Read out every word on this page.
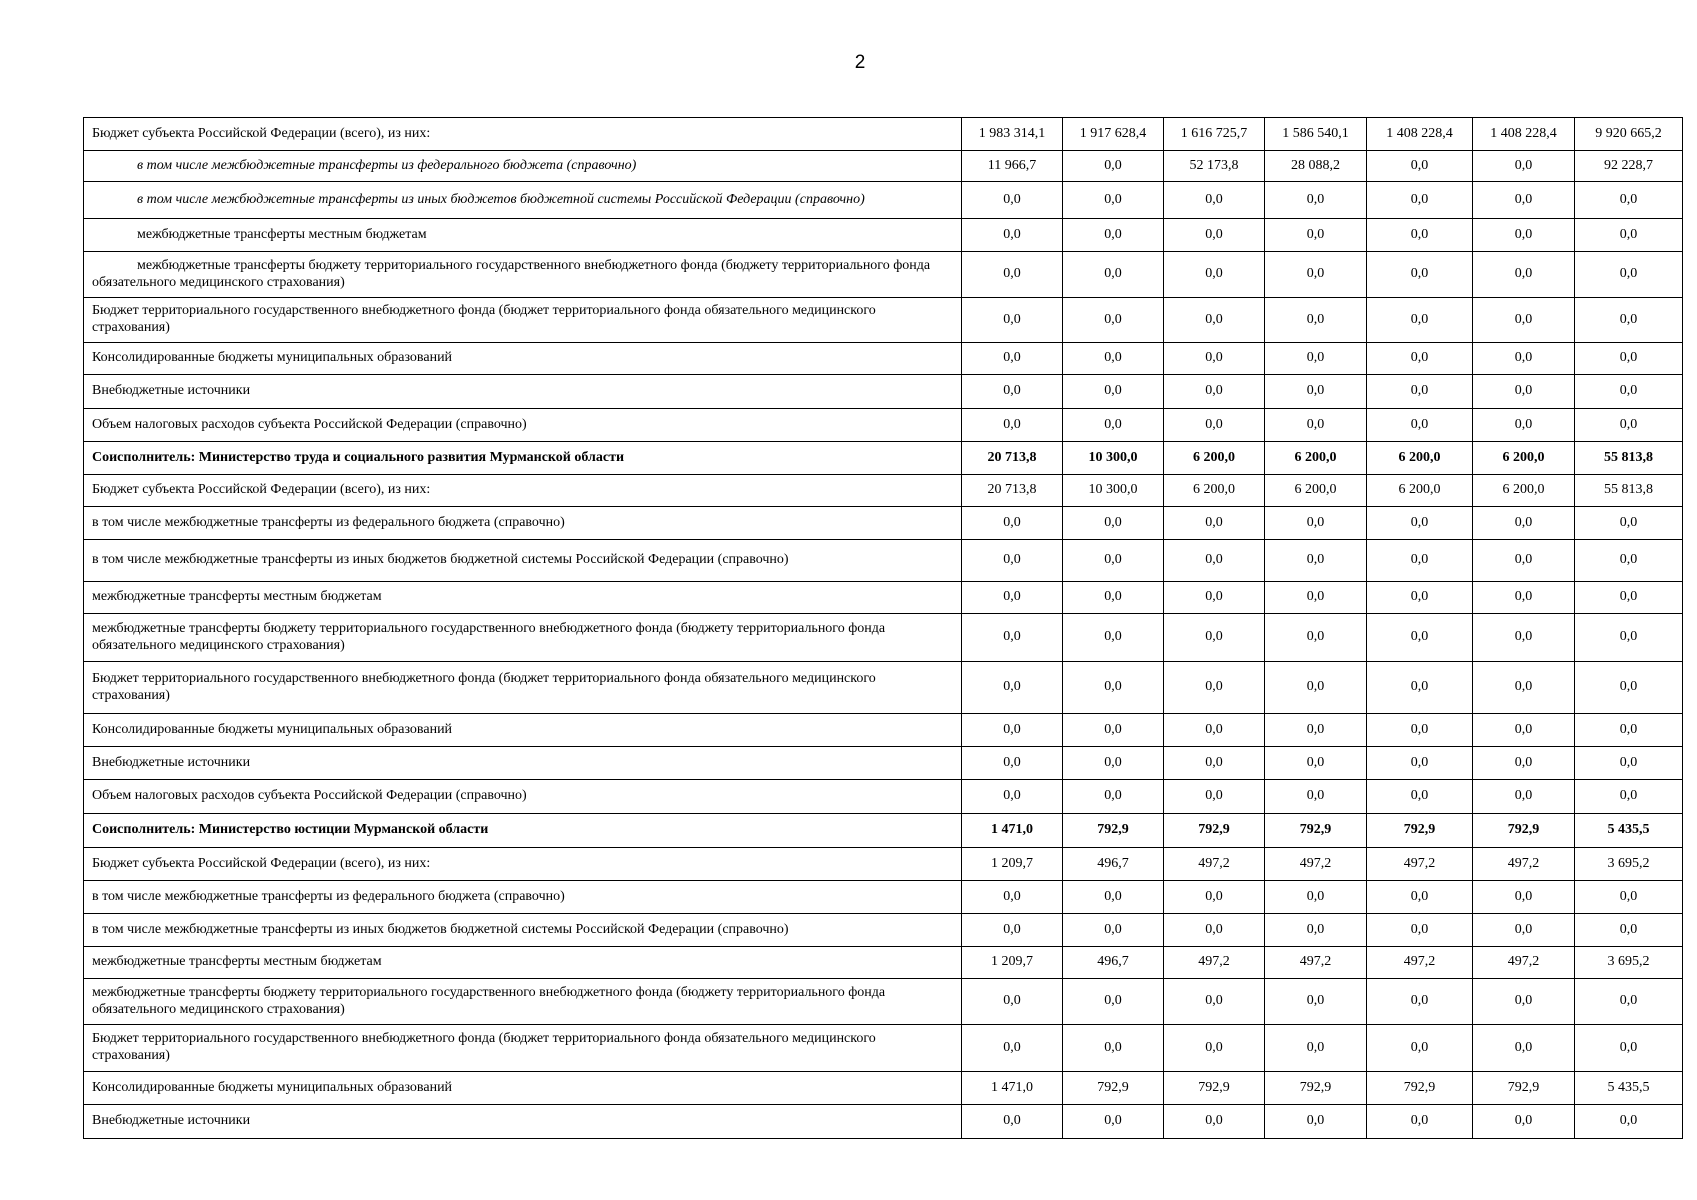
2
Бюджет субъекта Российской Федерации (всего), из них:	1 983 314,1	1 917 628,4	1 616 725,7	1 586 540,1	1 408 228,4	1 408 228,4	9 920 665,2
в том числе межбюджетные трансферты из федерального бюджета (справочно)	11 966,7	0,0	52 173,8	28 088,2	0,0	0,0	92 228,7
в том числе межбюджетные трансферты из иных бюджетов бюджетной системы Российской Федерации (справочно)	0,0	0,0	0,0	0,0	0,0	0,0	0,0
межбюджетные трансферты местным бюджетам	0,0	0,0	0,0	0,0	0,0	0,0	0,0
межбюджетные трансферты бюджету территориального государственного внебюджетного фонда (бюджету территориального фонда обязательного медицинского страхования)	0,0	0,0	0,0	0,0	0,0	0,0	0,0
Бюджет территориального государственного внебюджетного фонда (бюджет территориального фонда обязательного медицинского страхования)	0,0	0,0	0,0	0,0	0,0	0,0	0,0
Консолидированные бюджеты муниципальных образований	0,0	0,0	0,0	0,0	0,0	0,0	0,0
Внебюджетные источники	0,0	0,0	0,0	0,0	0,0	0,0	0,0
Объем налоговых расходов субъекта Российской Федерации (справочно)	0,0	0,0	0,0	0,0	0,0	0,0	0,0
Соисполнитель: Министерство труда и социального развития Мурманской области	20 713,8	10 300,0	6 200,0	6 200,0	6 200,0	6 200,0	55 813,8
Бюджет субъекта Российской Федерации (всего), из них:	20 713,8	10 300,0	6 200,0	6 200,0	6 200,0	6 200,0	55 813,8
в том числе межбюджетные трансферты из федерального бюджета (справочно)	0,0	0,0	0,0	0,0	0,0	0,0	0,0
в том числе межбюджетные трансферты из иных бюджетов бюджетной системы Российской Федерации (справочно)	0,0	0,0	0,0	0,0	0,0	0,0	0,0
межбюджетные трансферты местным бюджетам	0,0	0,0	0,0	0,0	0,0	0,0	0,0
межбюджетные трансферты бюджету территориального государственного внебюджетного фонда (бюджету территориального фонда обязательного медицинского страхования)	0,0	0,0	0,0	0,0	0,0	0,0	0,0
Бюджет территориального государственного внебюджетного фонда (бюджет территориального фонда обязательного медицинского страхования)	0,0	0,0	0,0	0,0	0,0	0,0	0,0
Консолидированные бюджеты муниципальных образований	0,0	0,0	0,0	0,0	0,0	0,0	0,0
Внебюджетные источники	0,0	0,0	0,0	0,0	0,0	0,0	0,0
Объем налоговых расходов субъекта Российской Федерации (справочно)	0,0	0,0	0,0	0,0	0,0	0,0	0,0
Соисполнитель: Министерство юстиции Мурманской области	1 471,0	792,9	792,9	792,9	792,9	792,9	5 435,5
Бюджет субъекта Российской Федерации (всего), из них:	1 209,7	496,7	497,2	497,2	497,2	497,2	3 695,2
в том числе межбюджетные трансферты из федерального бюджета (справочно)	0,0	0,0	0,0	0,0	0,0	0,0	0,0
в том числе межбюджетные трансферты из иных бюджетов бюджетной системы Российской Федерации (справочно)	0,0	0,0	0,0	0,0	0,0	0,0	0,0
межбюджетные трансферты местным бюджетам	1 209,7	496,7	497,2	497,2	497,2	497,2	3 695,2
межбюджетные трансферты бюджету территориального государственного внебюджетного фонда (бюджету территориального фонда обязательного медицинского страхования)	0,0	0,0	0,0	0,0	0,0	0,0	0,0
Бюджет территориального государственного внебюджетного фонда (бюджет территориального фонда обязательного медицинского страхования)	0,0	0,0	0,0	0,0	0,0	0,0	0,0
Консолидированные бюджеты муниципальных образований	1 471,0	792,9	792,9	792,9	792,9	792,9	5 435,5
Внебюджетные источники	0,0	0,0	0,0	0,0	0,0	0,0	0,0
